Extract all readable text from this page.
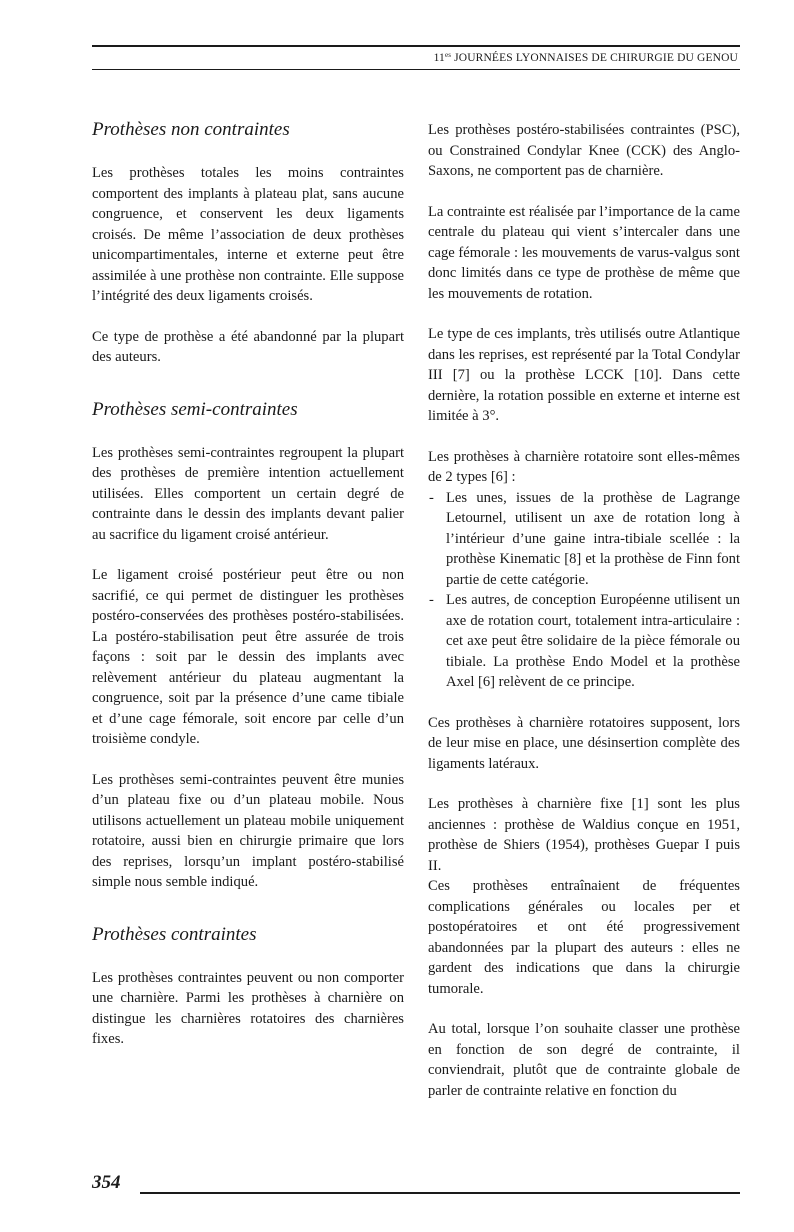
$11^{es}$ JOURNÉES LYONNAISES DE CHIRURGIE DU GENOU
Prothèses non contraintes

Les prothèses totales les moins contraintes comportent des implants à plateau plat, sans aucune congruence, et conservent les deux ligaments croisés. De même l’association de deux prothèses unicompartimentales, interne et externe peut être assimilée à une prothèse non contrainte. Elle suppose l’intégrité des deux ligaments croisés.

Ce type de prothèse a été abandonné par la plupart des auteurs.

Prothèses semi-contraintes

Les prothèses semi-contraintes regroupent la plupart des prothèses de première intention actuellement utilisées. Elles comportent un certain degré de contrainte dans le dessin des implants devant palier au sacrifice du ligament croisé antérieur.

Le ligament croisé postérieur peut être ou non sacrifié, ce qui permet de distinguer les prothèses postéro-conservées des prothèses postéro-stabilisées. La postéro-stabilisation peut être assurée de trois façons : soit par le dessin des implants avec relèvement antérieur du plateau augmentant la congruence, soit par la présence d’une came tibiale et d’une cage fémorale, soit encore par celle d’un troisième condyle.

Les prothèses semi-contraintes peuvent être munies d’un plateau fixe ou d’un plateau mobile. Nous utilisons actuellement un plateau mobile uniquement rotatoire, aussi bien en chirurgie primaire que lors des reprises, lorsqu’un implant postéro-stabilisé simple nous semble indiqué.

Prothèses contraintes

Les prothèses contraintes peuvent ou non comporter une charnière. Parmi les prothèses à charnière on distingue les charnières rotatoires des charnières fixes.

Les prothèses postéro-stabilisées contraintes (PSC), ou Constrained Condylar Knee (CCK) des Anglo-Saxons, ne comportent pas de charnière.

La contrainte est réalisée par l’importance de la came centrale du plateau qui vient s’intercaler dans une cage fémorale : les mouvements de varus-valgus sont donc limités dans ce type de prothèse de même que les mouvements de rotation.

Le type de ces implants, très utilisés outre Atlantique dans les reprises, est représenté par la Total Condylar III [7] ou la prothèse LCCK [10]. Dans cette dernière, la rotation possible en externe et interne est limitée à 3°.

Les prothèses à charnière rotatoire sont elles-mêmes de 2 types [6] :

- Les unes, issues de la prothèse de Lagrange Letournel, utilisent un axe de rotation long à l’intérieur d’une gaine intra-tibiale scellée : la prothèse Kinematic [8] et la prothèse de Finn font partie de cette catégorie.
- Les autres, de conception Européenne utilisent un axe de rotation court, totalement intra-articulaire : cet axe peut être solidaire de la pièce fémorale ou tibiale. La prothèse Endo Model et la prothèse Axel [6] relèvent de ce principe.

Ces prothèses à charnière rotatoires supposent, lors de leur mise en place, une désinsertion complète des ligaments latéraux.

Les prothèses à charnière fixe [1] sont les plus anciennes : prothèse de Waldius conçue en 1951, prothèse de Shiers (1954), prothèses Guepar I puis II.

Ces prothèses entraînaient de fréquentes complications générales ou locales per et postopératoires et ont été progressivement abandonnées par la plupart des auteurs : elles ne gardent des indications que dans la chirurgie tumorale.

Au total, lorsque l’on souhaite classer une prothèse en fonction de son degré de contrainte, il conviendrait, plutôt que de contrainte globale de parler de contrainte relative en fonction du

354
